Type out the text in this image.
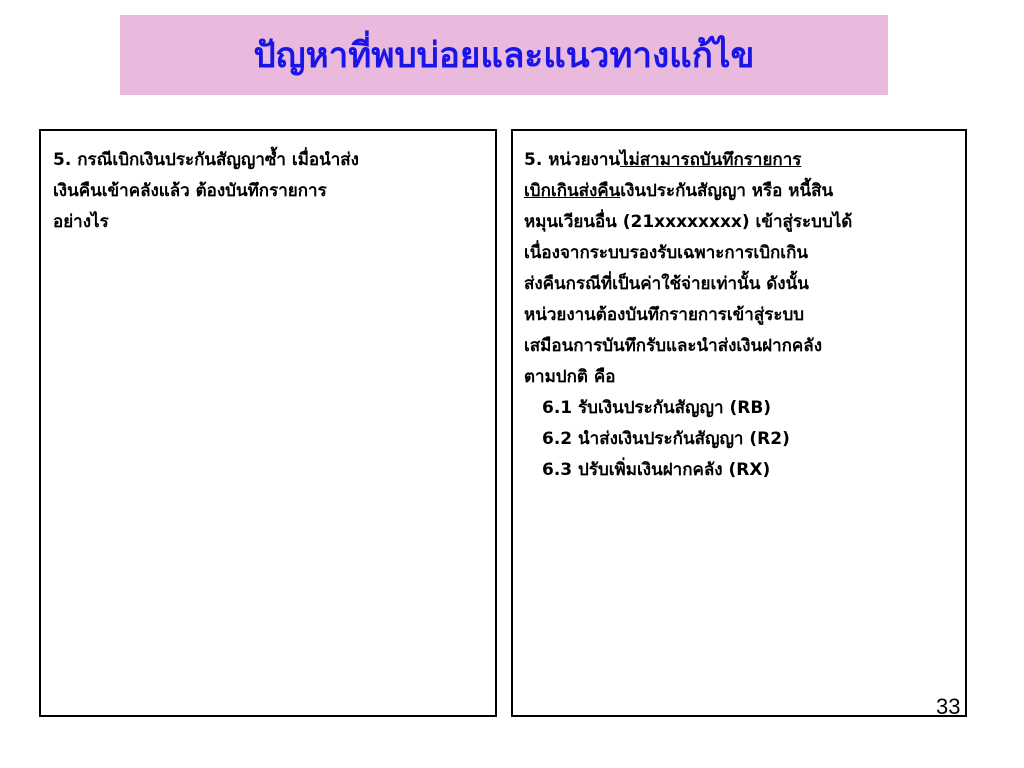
ปัญหาที่พบบ่อยและแนวทางแก้ไข

5. กรณีเบิกเงินประกันสัญญาซ้ำ เมื่อนำส่ง
เงินคืนเข้าคลังแล้ว ต้องบันทึกรายการ
อย่างไร

5. หน่วยงานไม่สามารถบันทึกรายการ
เบิกเกินส่งคืนเงินประกันสัญญา หรือ หนี้สิน
หมุนเวียนอื่น (21xxxxxxxx) เข้าสู่ระบบได้
เนื่องจากระบบรองรับเฉพาะการเบิกเกิน
ส่งคืนกรณีที่เป็นค่าใช้จ่ายเท่านั้น ดังนั้น
หน่วยงานต้องบันทึกรายการเข้าสู่ระบบ
เสมือนการบันทึกรับและนำส่งเงินฝากคลัง
ตามปกติ คือ
6.1 รับเงินประกันสัญญา (RB)
6.2 นำส่งเงินประกันสัญญา (R2)
6.3 ปรับเพิ่มเงินฝากคลัง (RX)

33
